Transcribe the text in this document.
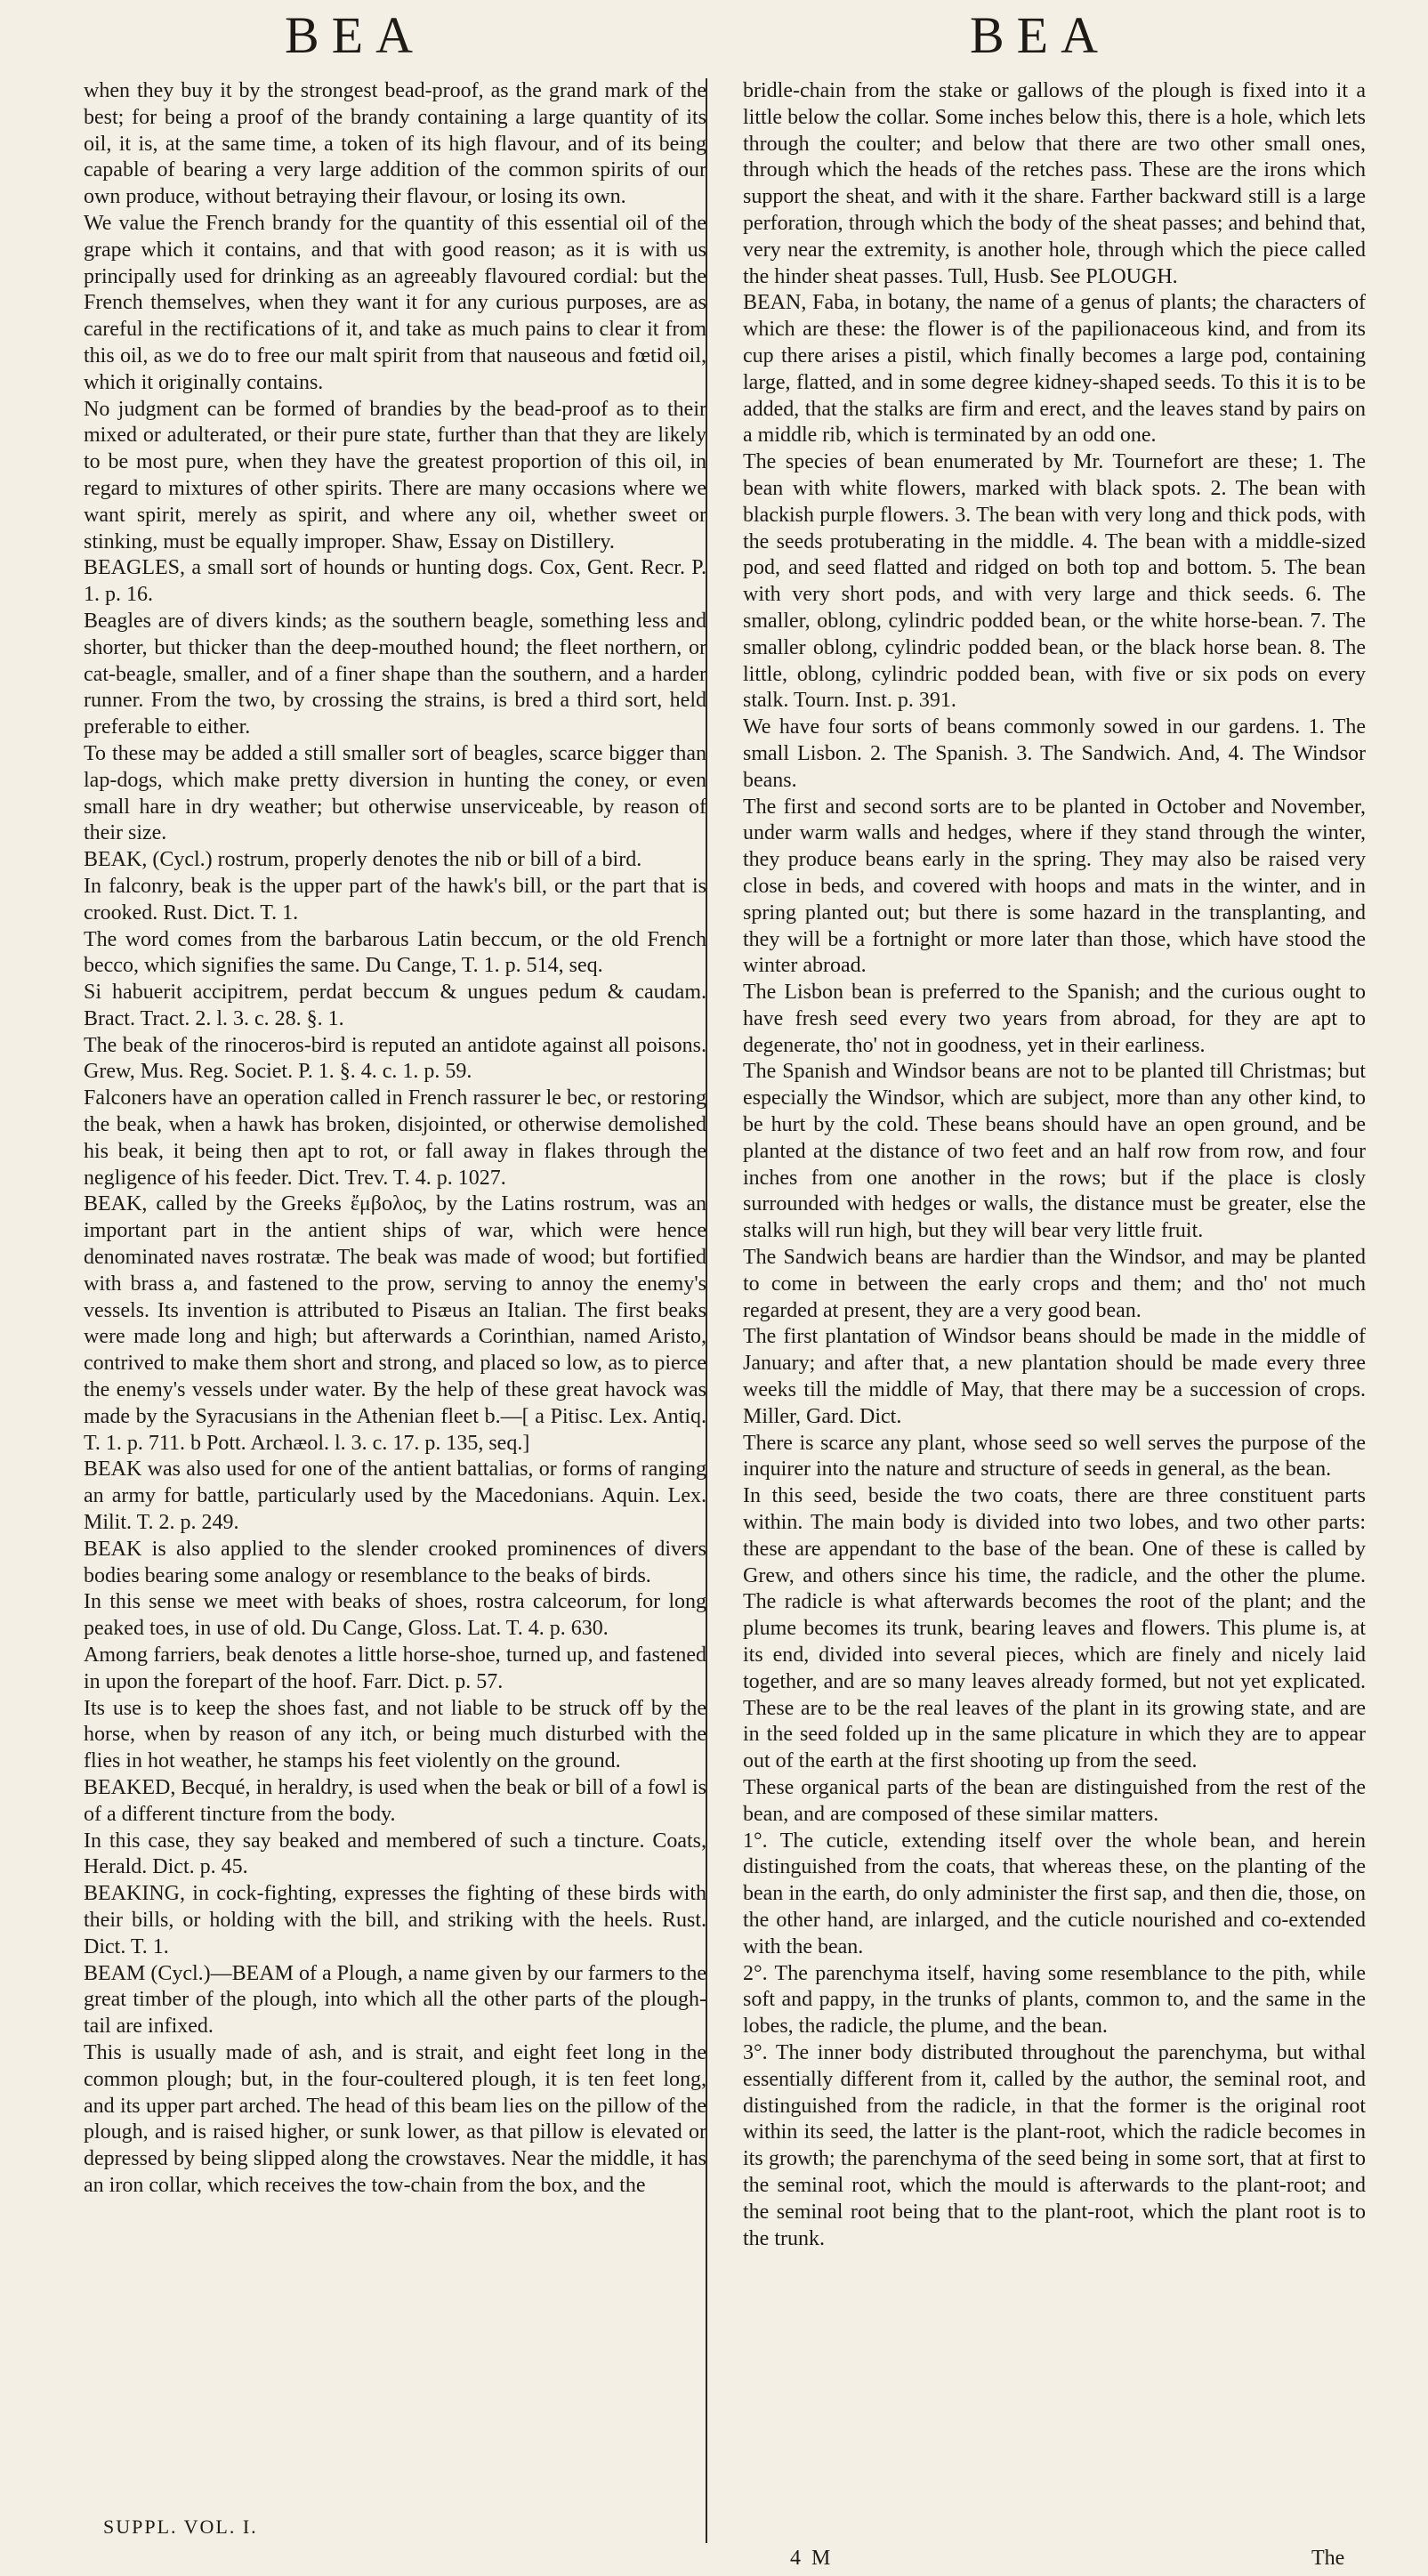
BEA	BEA

when they buy it by the strongest bead-proof, as the grand mark of the best; for being a proof of the brandy containing a large quantity of its oil, it is, at the same time, a token of its high flavour, and of its being capable of bearing a very large addition of the common spirits of our own produce, without betraying their flavour, or losing its own.

We value the French brandy for the quantity of this essential oil of the grape which it contains, and that with good reason; as it is with us principally used for drinking as an agreeably flavoured cordial: but the French themselves, when they want it for any curious purposes, are as careful in the rectifications of it, and take as much pains to clear it from this oil, as we do to free our malt spirit from that nauseous and fœtid oil, which it originally contains.

No judgment can be formed of brandies by the bead-proof as to their mixed or adulterated, or their pure state, further than that they are likely to be most pure, when they have the greatest proportion of this oil, in regard to mixtures of other spirits. There are many occasions where we want spirit, merely as spirit, and where any oil, whether sweet or stinking, must be equally improper. Shaw, Essay on Distillery.

BEAGLES, a small sort of hounds or hunting dogs. Cox, Gent. Recr. P. 1. p. 16.

Beagles are of divers kinds; as the southern beagle, something less and shorter, but thicker than the deep-mouthed hound; the fleet northern, or cat-beagle, smaller, and of a finer shape than the southern, and a harder runner. From the two, by crossing the strains, is bred a third sort, held preferable to either.

To these may be added a still smaller sort of beagles, scarce bigger than lap-dogs, which make pretty diversion in hunting the coney, or even small hare in dry weather; but otherwise unserviceable, by reason of their size.

BEAK, (Cycl.) rostrum, properly denotes the nib or bill of a bird.

In falconry, beak is the upper part of the hawk's bill, or the part that is crooked. Rust. Dict. T. 1.

The word comes from the barbarous Latin beccum, or the old French becco, which signifies the same. Du Cange, T. 1. p. 514, seq.

Si habuerit accipitrem, perdat beccum & ungues pedum & caudam. Bract. Tract. 2. l. 3. c. 28. §. 1.

The beak of the rinoceros-bird is reputed an antidote against all poisons. Grew, Mus. Reg. Societ. P. 1. §. 4. c. 1. p. 59.

Falconers have an operation called in French rassurer le bec, or restoring the beak, when a hawk has broken, disjointed, or otherwise demolished his beak, it being then apt to rot, or fall away in flakes through the negligence of his feeder. Dict. Trev. T. 4. p. 1027.

BEAK, called by the Greeks ἔμβολος, by the Latins rostrum, was an important part in the antient ships of war, which were hence denominated naves rostratæ. The beak was made of wood; but fortified with brass a, and fastened to the prow, serving to annoy the enemy's vessels. Its invention is attributed to Pisæus an Italian. The first beaks were made long and high; but afterwards a Corinthian, named Aristo, contrived to make them short and strong, and placed so low, as to pierce the enemy's vessels under water. By the help of these great havock was made by the Syracusians in the Athenian fleet b.—[ a Pitisc. Lex. Antiq. T. 1. p. 711. b Pott. Archæol. l. 3. c. 17. p. 135, seq.]

BEAK was also used for one of the antient battalias, or forms of ranging an army for battle, particularly used by the Macedonians. Aquin. Lex. Milit. T. 2. p. 249.

BEAK is also applied to the slender crooked prominences of divers bodies bearing some analogy or resemblance to the beaks of birds.

In this sense we meet with beaks of shoes, rostra calceorum, for long peaked toes, in use of old. Du Cange, Gloss. Lat. T. 4. p. 630.

Among farriers, beak denotes a little horse-shoe, turned up, and fastened in upon the forepart of the hoof. Farr. Dict. p. 57.

Its use is to keep the shoes fast, and not liable to be struck off by the horse, when by reason of any itch, or being much disturbed with the flies in hot weather, he stamps his feet violently on the ground.

BEAKED, Becqué, in heraldry, is used when the beak or bill of a fowl is of a different tincture from the body.

In this case, they say beaked and membered of such a tincture. Coats, Herald. Dict. p. 45.

BEAKING, in cock-fighting, expresses the fighting of these birds with their bills, or holding with the bill, and striking with the heels. Rust. Dict. T. 1.

BEAM (Cycl.)—BEAM of a Plough, a name given by our farmers to the great timber of the plough, into which all the other parts of the plough-tail are infixed.

This is usually made of ash, and is strait, and eight feet long in the common plough; but, in the four-coultered plough, it is ten feet long, and its upper part arched. The head of this beam lies on the pillow of the plough, and is raised higher, or sunk lower, as that pillow is elevated or depressed by being slipped along the crowstaves. Near the middle, it has an iron collar, which receives the tow-chain from the box, and the

bridle-chain from the stake or gallows of the plough is fixed into it a little below the collar. Some inches below this, there is a hole, which lets through the coulter; and below that there are two other small ones, through which the heads of the retches pass. These are the irons which support the sheat, and with it the share. Farther backward still is a large perforation, through which the body of the sheat passes; and behind that, very near the extremity, is another hole, through which the piece called the hinder sheat passes. Tull, Husb. See PLOUGH.

BEAN, Faba, in botany, the name of a genus of plants; the characters of which are these: the flower is of the papilionaceous kind, and from its cup there arises a pistil, which finally becomes a large pod, containing large, flatted, and in some degree kidney-shaped seeds. To this it is to be added, that the stalks are firm and erect, and the leaves stand by pairs on a middle rib, which is terminated by an odd one.

The species of bean enumerated by Mr. Tournefort are these; 1. The bean with white flowers, marked with black spots. 2. The bean with blackish purple flowers. 3. The bean with very long and thick pods, with the seeds protuberating in the middle. 4. The bean with a middle-sized pod, and seed flatted and ridged on both top and bottom. 5. The bean with very short pods, and with very large and thick seeds. 6. The smaller, oblong, cylindric podded bean, or the white horse-bean. 7. The smaller oblong, cylindric podded bean, or the black horse bean. 8. The little, oblong, cylindric podded bean, with five or six pods on every stalk. Tourn. Inst. p. 391.

We have four sorts of beans commonly sowed in our gardens. 1. The small Lisbon. 2. The Spanish. 3. The Sandwich. And, 4. The Windsor beans.

The first and second sorts are to be planted in October and November, under warm walls and hedges, where if they stand through the winter, they produce beans early in the spring. They may also be raised very close in beds, and covered with hoops and mats in the winter, and in spring planted out; but there is some hazard in the transplanting, and they will be a fortnight or more later than those, which have stood the winter abroad.

The Lisbon bean is preferred to the Spanish; and the curious ought to have fresh seed every two years from abroad, for they are apt to degenerate, tho' not in goodness, yet in their earliness.

The Spanish and Windsor beans are not to be planted till Christmas; but especially the Windsor, which are subject, more than any other kind, to be hurt by the cold. These beans should have an open ground, and be planted at the distance of two feet and an half row from row, and four inches from one another in the rows; but if the place is closly surrounded with hedges or walls, the distance must be greater, else the stalks will run high, but they will bear very little fruit.

The Sandwich beans are hardier than the Windsor, and may be planted to come in between the early crops and them; and tho' not much regarded at present, they are a very good bean.

The first plantation of Windsor beans should be made in the middle of January; and after that, a new plantation should be made every three weeks till the middle of May, that there may be a succession of crops. Miller, Gard. Dict.

There is scarce any plant, whose seed so well serves the purpose of the inquirer into the nature and structure of seeds in general, as the bean.

In this seed, beside the two coats, there are three constituent parts within. The main body is divided into two lobes, and two other parts: these are appendant to the base of the bean. One of these is called by Grew, and others since his time, the radicle, and the other the plume. The radicle is what afterwards becomes the root of the plant; and the plume becomes its trunk, bearing leaves and flowers. This plume is, at its end, divided into several pieces, which are finely and nicely laid together, and are so many leaves already formed, but not yet explicated. These are to be the real leaves of the plant in its growing state, and are in the seed folded up in the same plicature in which they are to appear out of the earth at the first shooting up from the seed.

These organical parts of the bean are distinguished from the rest of the bean, and are composed of these similar matters.

1°. The cuticle, extending itself over the whole bean, and herein distinguished from the coats, that whereas these, on the planting of the bean in the earth, do only administer the first sap, and then die, those, on the other hand, are inlarged, and the cuticle nourished and co-extended with the bean.

2°. The parenchyma itself, having some resemblance to the pith, while soft and pappy, in the trunks of plants, common to, and the same in the lobes, the radicle, the plume, and the bean.

3°. The inner body distributed throughout the parenchyma, but withal essentially different from it, called by the author, the seminal root, and distinguished from the radicle, in that the former is the original root within its seed, the latter is the plant-root, which the radicle becomes in its growth; the parenchyma of the seed being in some sort, that at first to the seminal root, which the mould is afterwards to the plant-root; and the seminal root being that to the plant-root, which the plant root is to the trunk.

SUPPL. VOL. I.
4 M	The
